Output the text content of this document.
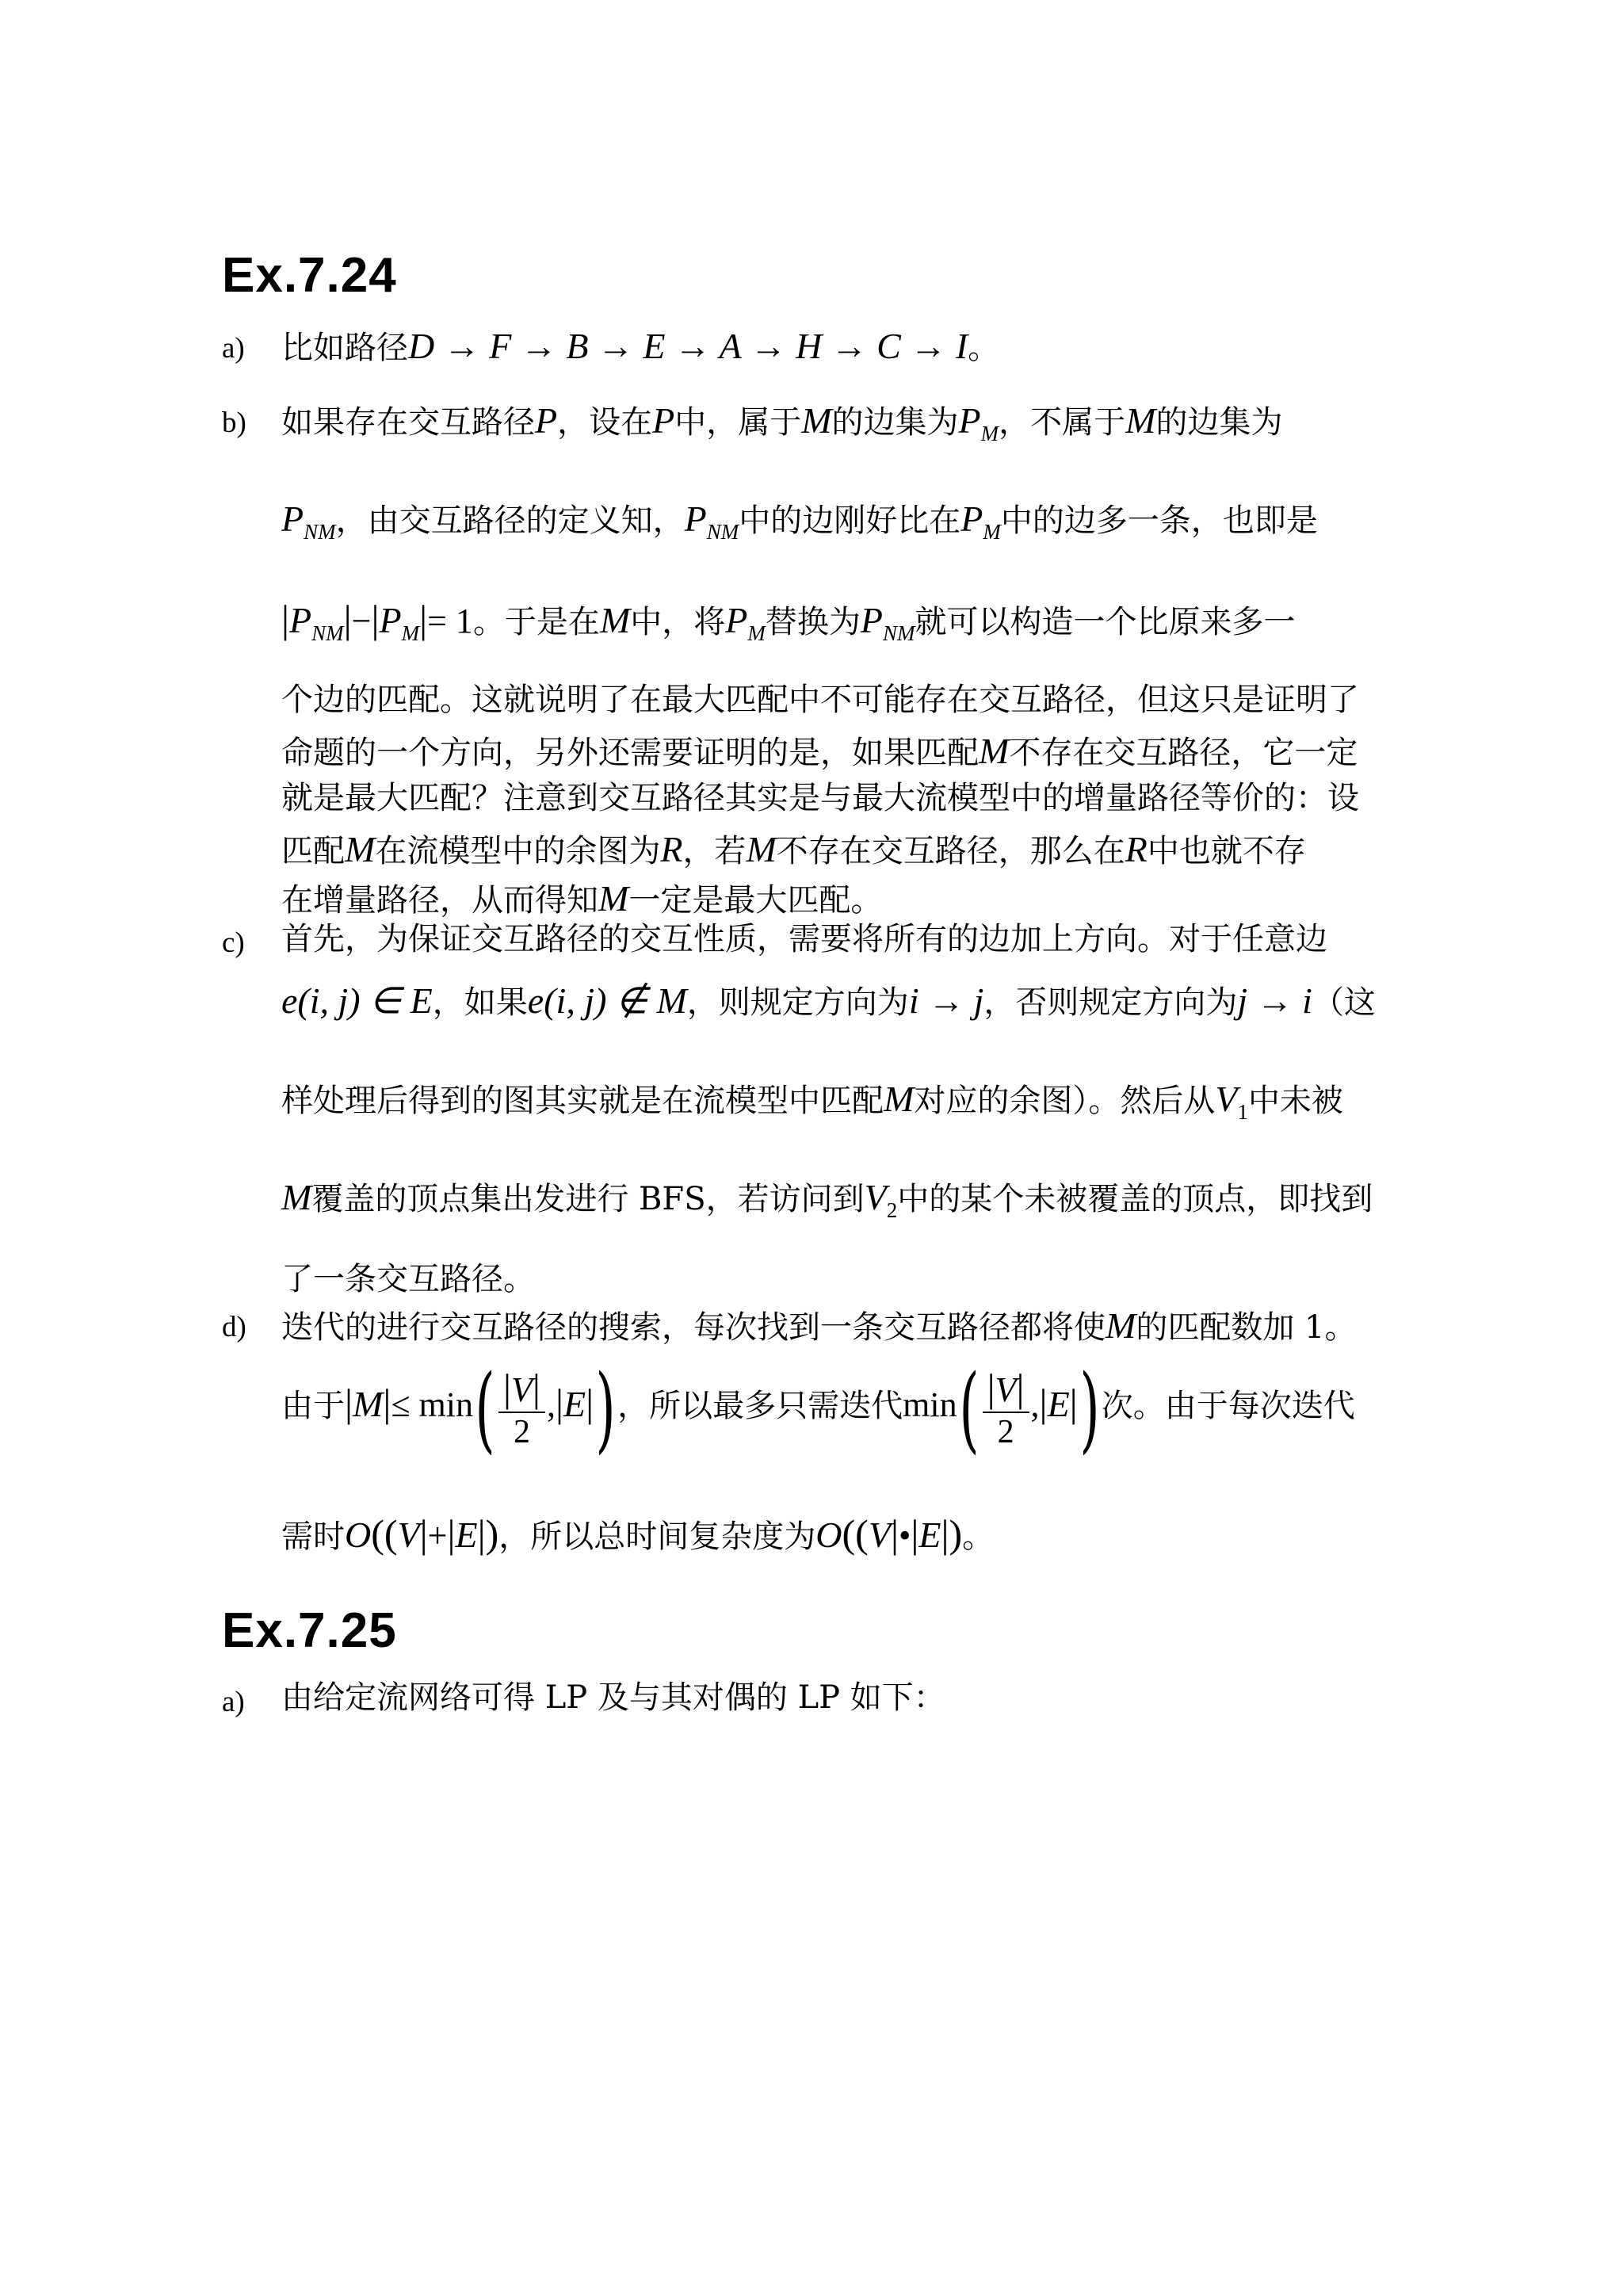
Ex.7.24
a) 比如路径D → F → B → E → A → H → C → I。
b) 如果存在交互路径P，设在P中，属于M的边集为$P_M$，不属于M的边集为
$P_{NM}$，由交互路径的定义知，$P_{NM}$中的边刚好比在$P_M$中的边多一条，也即是
$|P_{NM}|-|P_M|= 1$。于是在M中，将$P_M$替换为$P_{NM}$就可以构造一个比原来多一
个边的匹配。这就说明了在最大匹配中不可能存在交互路径，但这只是证明了
命题的一个方向，另外还需要证明的是，如果匹配M不存在交互路径，它一定
就是最大匹配？注意到交互路径其实是与最大流模型中的增量路径等价的：设
匹配M在流模型中的余图为R，若M不存在交互路径，那么在R中也就不存
在增量路径，从而得知M一定是最大匹配。
c) 首先，为保证交互路径的交互性质，需要将所有的边加上方向。对于任意边
e(i, j) ∈ E，如果e(i, j) ∉ M，则规定方向为i → j，否则规定方向为j → i（这
样处理后得到的图其实就是在流模型中匹配M对应的余图）。然后从$V_1$中未被
M覆盖的顶点集出发进行 BFS，若访问到$V_2$中的某个未被覆盖的顶点，即找到
了一条交互路径。
d) 迭代的进行交互路径的搜索，每次找到一条交互路径都将使M的匹配数加 1。
由于$|M|\le \min( \frac{|V|}{2} ,|E|)$，所以最多只需迭代$\min( \frac{|V|}{2} ,|E|)$次。由于每次迭代
需时O((V|+|E|)，所以总时间复杂度为O((V|•|E|)。
Ex.7.25
a) 由给定流网络可得 LP 及与其对偶的 LP 如下：
